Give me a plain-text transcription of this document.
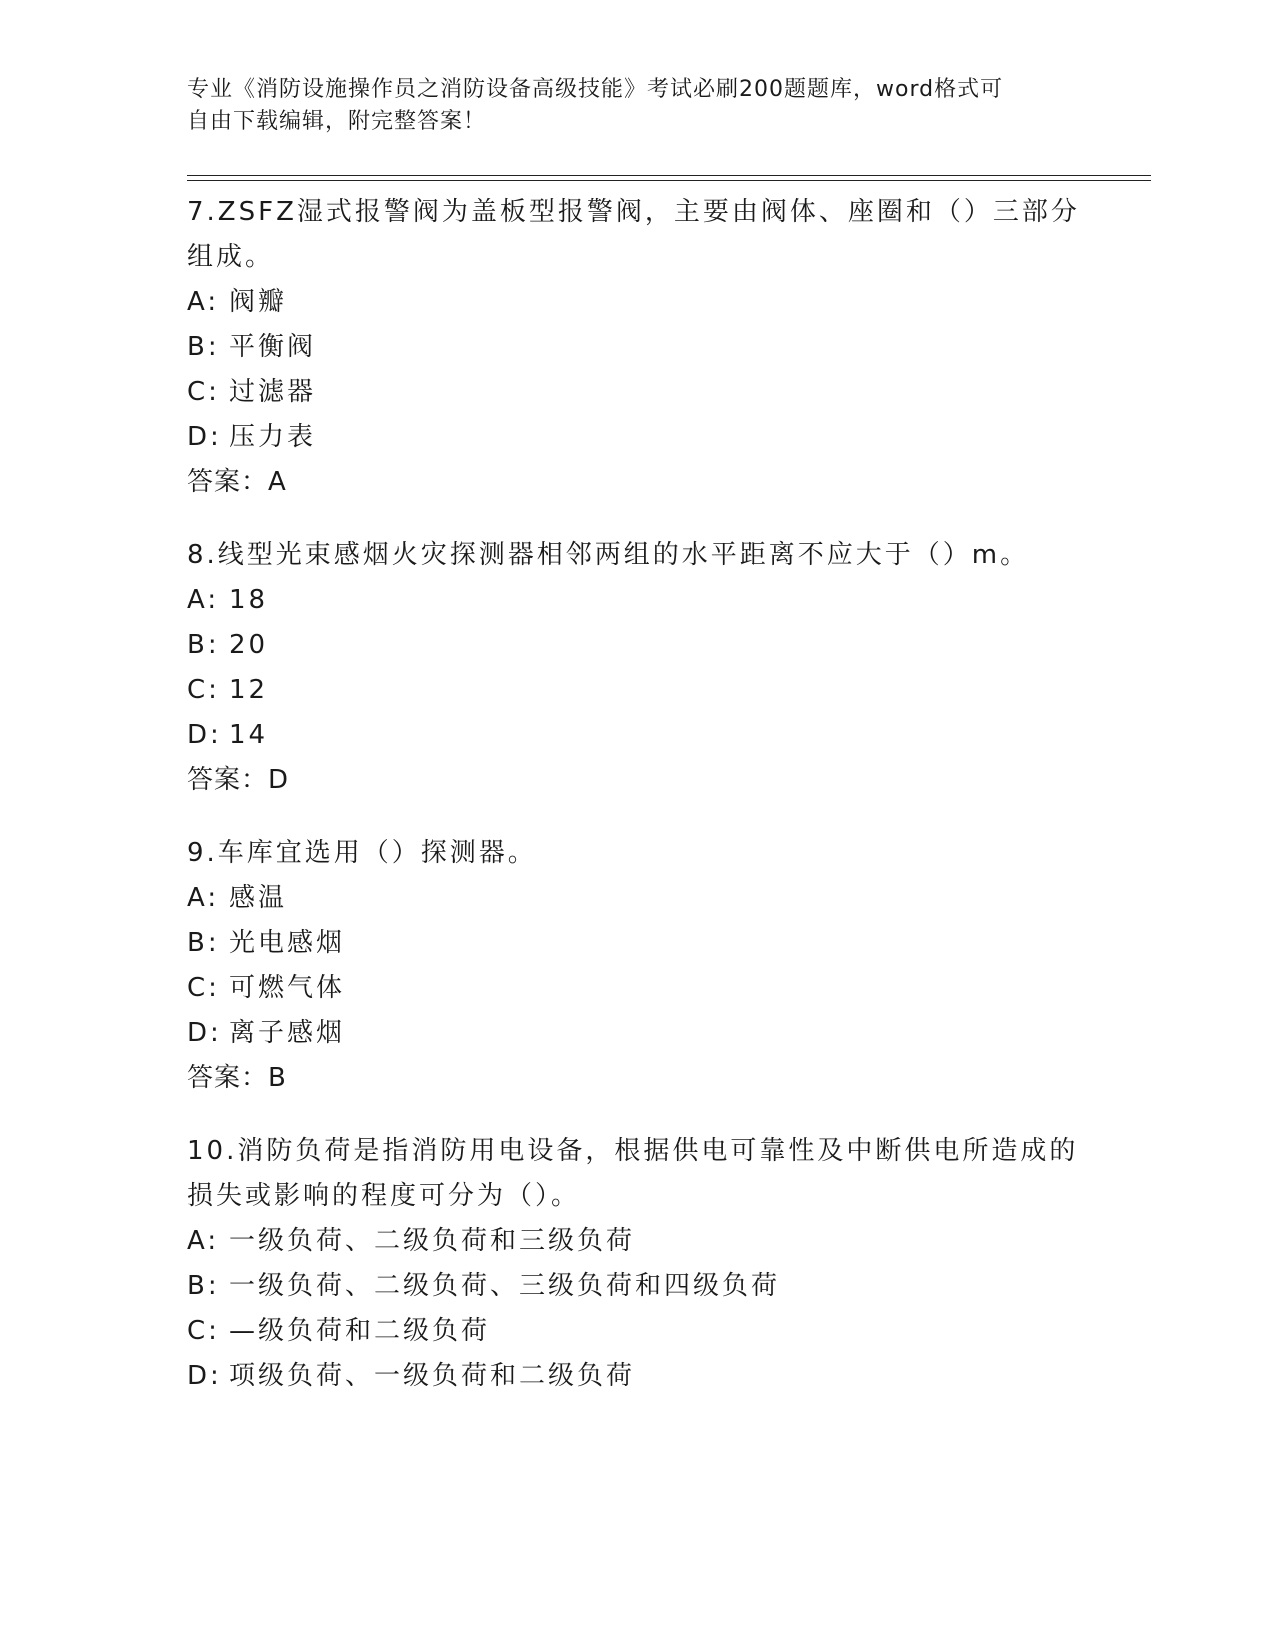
专业《消防设施操作员之消防设备高级技能》考试必刷200题题库，word格式可
自由下载编辑，附完整答案！

7.ZSFZ湿式报警阀为盖板型报警阀，主要由阀体、座圈和（）三部分组成。

A: 阀瓣

B: 平衡阀

C: 过滤器

D: 压力表

答案：A

8.线型光束感烟火灾探测器相邻两组的水平距离不应大于（）m。

A: 18

B: 20

C: 12

D: 14

答案：D

9.车库宜选用（）探测器。

A: 感温

B: 光电感烟

C: 可燃气体

D: 离子感烟

答案：B

10.消防负荷是指消防用电设备，根据供电可靠性及中断供电所造成的损失或影响的程度可分为（）。

A: 一级负荷、二级负荷和三级负荷

B: 一级负荷、二级负荷、三级负荷和四级负荷

C: —级负荷和二级负荷

D: 项级负荷、一级负荷和二级负荷
